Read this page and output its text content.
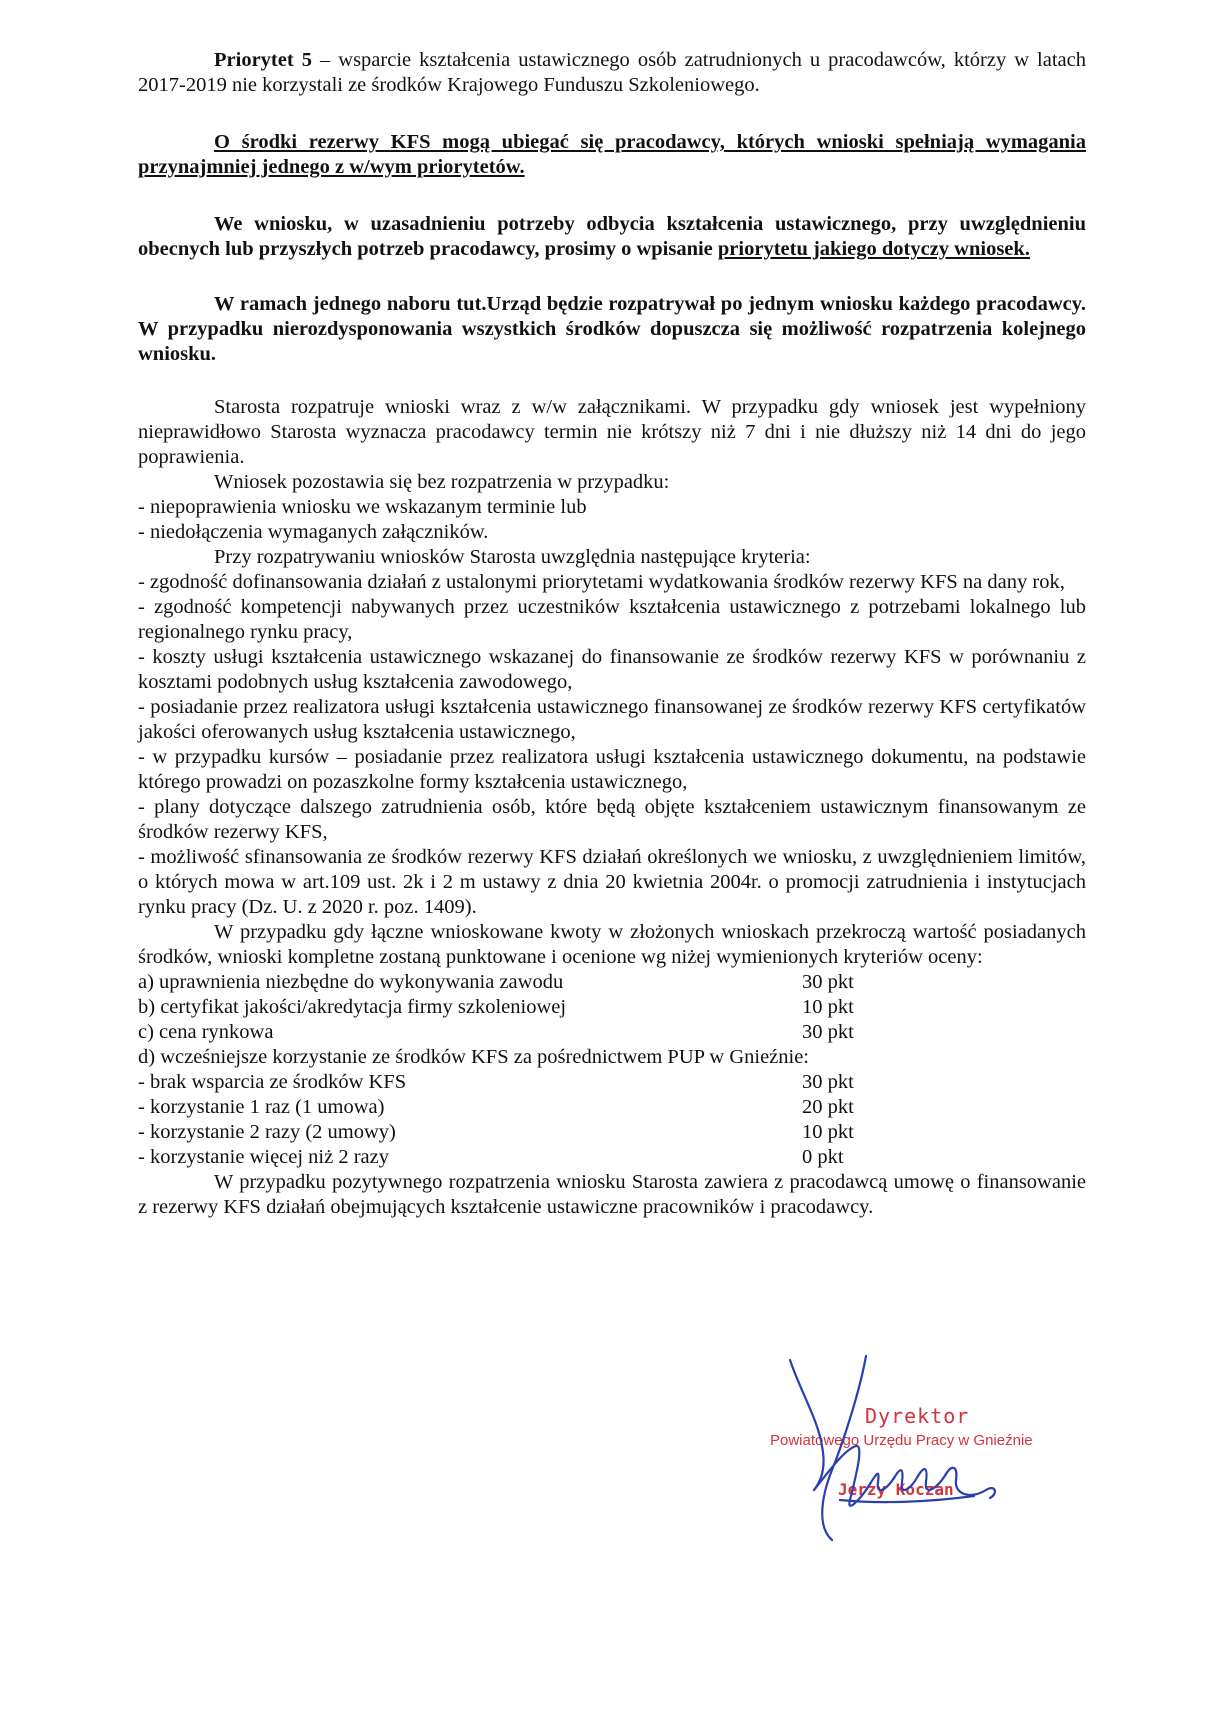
Priorytet 5 – wsparcie kształcenia ustawicznego osób zatrudnionych u pracodawców, którzy w latach 2017-2019 nie korzystali ze środków Krajowego Funduszu Szkoleniowego.

O środki rezerwy KFS mogą ubiegać się pracodawcy, których wnioski spełniają wymagania przynajmniej jednego z w/wym priorytetów.

We wniosku, w uzasadnieniu potrzeby odbycia kształcenia ustawicznego, przy uwzględnieniu obecnych lub przyszłych potrzeb pracodawcy, prosimy o wpisanie priorytetu jakiego dotyczy wniosek.

W ramach jednego naboru tut.Urząd będzie rozpatrywał po jednym wniosku każdego pracodawcy. W przypadku nierozdysponowania wszystkich środków dopuszcza się możliwość rozpatrzenia kolejnego wniosku.

Starosta rozpatruje wnioski wraz z w/w załącznikami. W przypadku gdy wniosek jest wypełniony nieprawidłowo Starosta wyznacza pracodawcy termin nie krótszy niż 7 dni i nie dłuższy niż 14 dni do jego poprawienia.

Wniosek pozostawia się bez rozpatrzenia w przypadku:

- niepoprawienia wniosku we wskazanym terminie lub

- niedołączenia wymaganych załączników.

Przy rozpatrywaniu wniosków Starosta uwzględnia następujące kryteria:

- zgodność dofinansowania działań z ustalonymi priorytetami wydatkowania środków rezerwy KFS na dany rok,
- zgodność kompetencji nabywanych przez uczestników kształcenia ustawicznego z potrzebami lokalnego lub regionalnego rynku pracy,
- koszty usługi kształcenia ustawicznego wskazanej do finansowanie ze środków rezerwy KFS w porównaniu z kosztami podobnych usług kształcenia zawodowego,
- posiadanie przez realizatora usługi kształcenia ustawicznego finansowanej ze środków rezerwy KFS certyfikatów jakości oferowanych usług kształcenia ustawicznego,
- w przypadku kursów – posiadanie przez realizatora usługi kształcenia ustawicznego dokumentu, na podstawie którego prowadzi on pozaszkolne formy kształcenia ustawicznego,
- plany dotyczące dalszego zatrudnienia osób, które będą objęte kształceniem ustawicznym finansowanym ze środków rezerwy KFS,
- możliwość sfinansowania ze środków rezerwy KFS działań określonych we wniosku, z uwzględnieniem limitów, o których mowa w art.109 ust. 2k i 2 m ustawy z dnia 20 kwietnia 2004r. o promocji zatrudnienia i instytucjach rynku pracy (Dz. U. z 2020 r. poz. 1409).

W przypadku gdy łączne wnioskowane kwoty w złożonych wnioskach przekroczą wartość posiadanych środków, wnioski kompletne zostaną punktowane i ocenione wg niżej wymienionych kryteriów oceny:

a) uprawnienia niezbędne do wykonywania zawodu	30 pkt
b) certyfikat jakości/akredytacja firmy szkoleniowej	10 pkt
c) cena rynkowa	30 pkt

d) wcześniejsze korzystanie ze środków KFS za pośrednictwem PUP w Gnieźnie:

- brak wsparcia ze środków KFS	30 pkt
- korzystanie 1 raz (1 umowa)	20 pkt
- korzystanie 2 razy (2 umowy)	10 pkt
- korzystanie więcej niż 2 razy	0 pkt

W przypadku pozytywnego rozpatrzenia wniosku Starosta zawiera z pracodawcą umowę o finansowanie z rezerwy KFS działań obejmujących kształcenie ustawiczne pracowników i pracodawcy.

Dyrektor
Powiatowego Urzędu Pracy w Gnieźnie
Jerzy Koczan
